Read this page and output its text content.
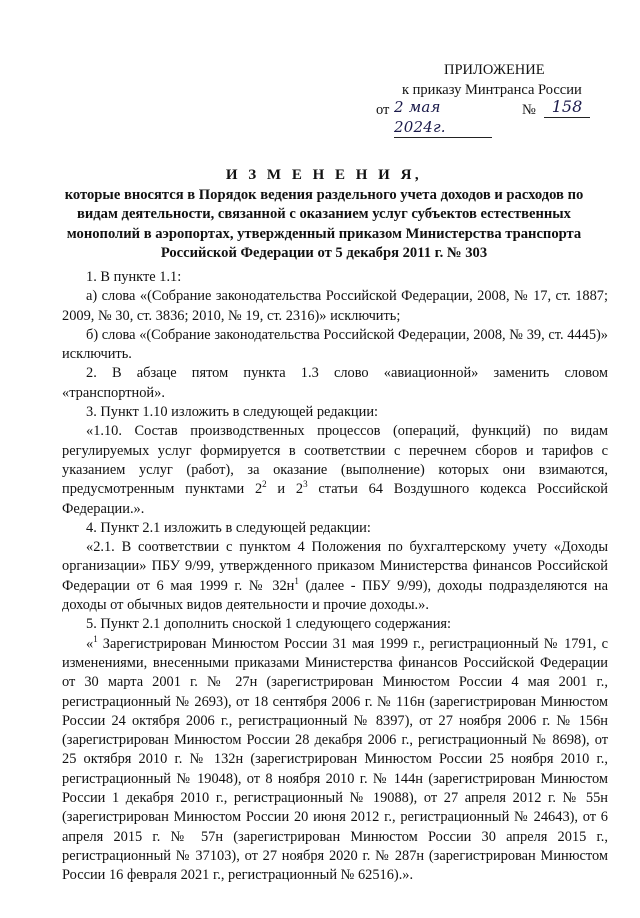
ПРИЛОЖЕНИЕ
к приказу Минтранса России
от 2 мая 2024г.
№ 158
И З М Е Н Е Н И Я,
которые вносятся в Порядок ведения раздельного учета доходов и расходов по
видам деятельности, связанной с оказанием услуг субъектов естественных
монополий в аэропортах, утвержденный приказом Министерства транспорта
Российской Федерации от 5 декабря 2011 г. № 303

1. В пункте 1.1:

а) слова «(Собрание законодательства Российской Федерации, 2008, № 17, ст. 1887; 2009, № 30, ст. 3836; 2010, № 19, ст. 2316)» исключить;

б) слова «(Собрание законодательства Российской Федерации, 2008, № 39, ст. 4445)» исключить.

2. В абзаце пятом пункта 1.3 слово «авиационной» заменить словом «транспортной».

3. Пункт 1.10 изложить в следующей редакции:

«1.10. Состав производственных процессов (операций, функций) по видам регулируемых услуг формируется в соответствии с перечнем сборов и тарифов с указанием услуг (работ), за оказание (выполнение) которых они взимаются, предусмотренным пунктами $2^2$ и $2^3$ статьи 64 Воздушного кодекса Российской Федерации.».

4. Пункт 2.1 изложить в следующей редакции:

«2.1. В соответствии с пунктом 4 Положения по бухгалтерскому учету «Доходы организации» ПБУ 9/99, утвержденного приказом Министерства финансов Российской Федерации от 6 мая 1999 г. № $32н^1$ (далее - ПБУ 9/99), доходы подразделяются на доходы от обычных видов деятельности и прочие доходы.».

5. Пункт 2.1 дополнить сноской 1 следующего содержания:

«$^1$ Зарегистрирован Минюстом России 31 мая 1999 г., регистрационный № 1791, с изменениями, внесенными приказами Министерства финансов Российской Федерации от 30 марта 2001 г. № 27н (зарегистрирован Минюстом России 4 мая 2001 г., регистрационный № 2693), от 18 сентября 2006 г. № 116н (зарегистрирован Минюстом России 24 октября 2006 г., регистрационный № 8397), от 27 ноября 2006 г. № 156н (зарегистрирован Минюстом России 28 декабря 2006 г., регистрационный № 8698), от 25 октября 2010 г. № 132н (зарегистрирован Минюстом России 25 ноября 2010 г., регистрационный № 19048), от 8 ноября 2010 г. № 144н (зарегистрирован Минюстом России 1 декабря 2010 г., регистрационный № 19088), от 27 апреля 2012 г. № 55н (зарегистрирован Минюстом России 20 июня 2012 г., регистрационный № 24643), от 6 апреля 2015 г. № 57н (зарегистрирован Минюстом России 30 апреля 2015 г., регистрационный № 37103), от 27 ноября 2020 г. № 287н (зарегистрирован Минюстом России 16 февраля 2021 г., регистрационный № 62516).».
